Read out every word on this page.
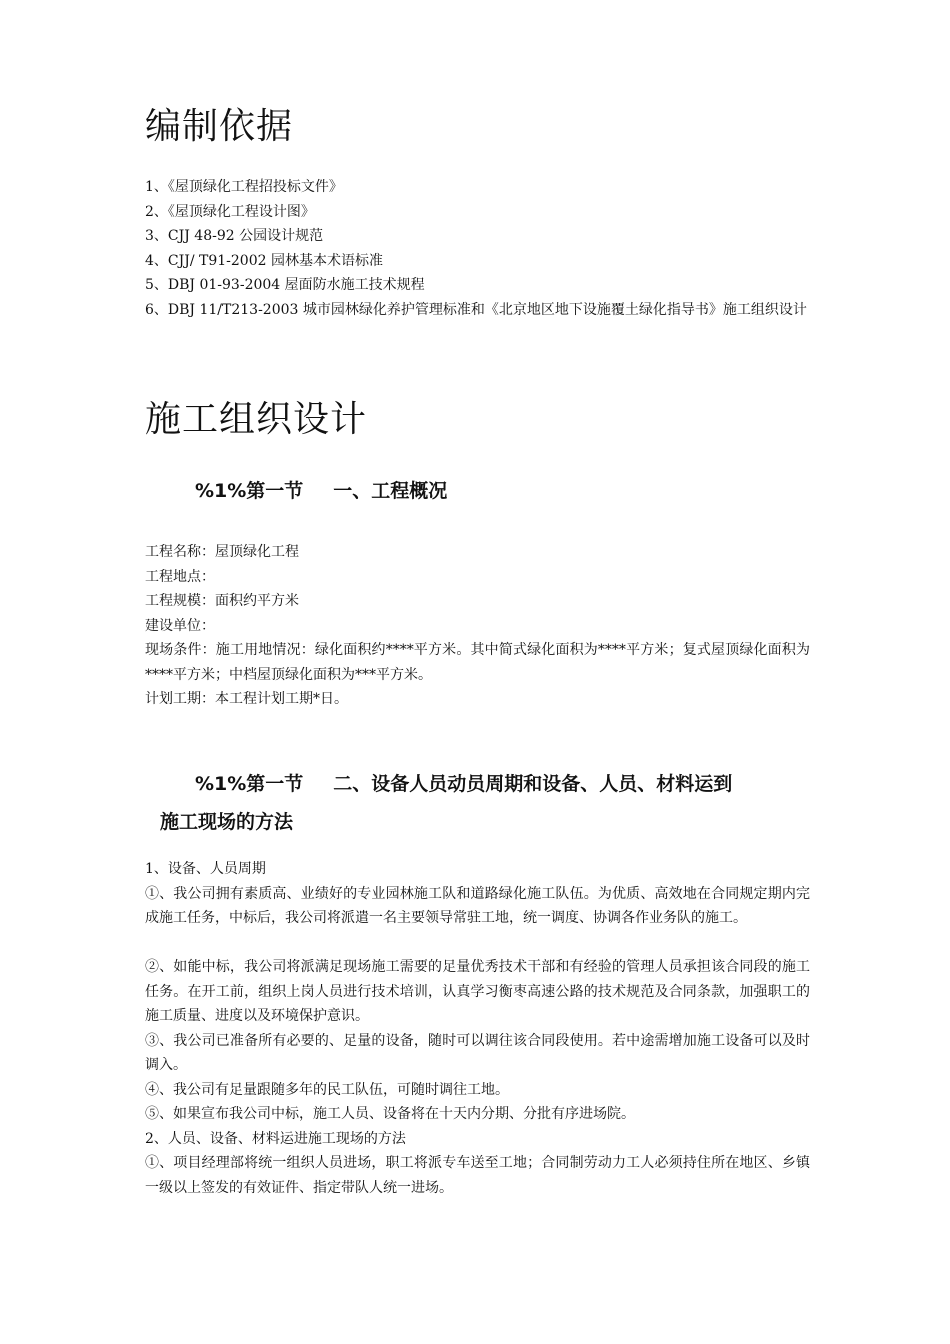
编制依据
1、《屋顶绿化工程招投标文件》
2、《屋顶绿化工程设计图》
3、CJJ 48-92 公园设计规范
4、CJJ/ T91-2002 园林基本术语标准
5、DBJ 01-93-2004 屋面防水施工技术规程
6、DBJ 11/T213-2003 城市园林绿化养护管理标准和《北京地区地下设施覆土绿化指导书》施工组织设计
施工组织设计
%1%第一节 一、工程概况
工程名称：屋顶绿化工程
工程地点：
工程规模：面积约平方米
建设单位：
现场条件：施工用地情况：绿化面积约****平方米。其中简式绿化面积为****平方米；复式屋顶绿化面积为****平方米；中档屋顶绿化面积为***平方米。
计划工期：本工程计划工期*日。
%1%第一节 二、设备人员动员周期和设备、人员、材料运到
施工现场的方法
1、设备、人员周期
①、我公司拥有素质高、业绩好的专业园林施工队和道路绿化施工队伍。为优质、高效地在合同规定期内完成施工任务，中标后，我公司将派遣一名主要领导常驻工地，统一调度、协调各作业务队的施工。
②、如能中标，我公司将派满足现场施工需要的足量优秀技术干部和有经验的管理人员承担该合同段的施工任务。在开工前，组织上岗人员进行技术培训，认真学习衡枣高速公路的技术规范及合同条款，加强职工的施工质量、进度以及环境保护意识。
③、我公司已准备所有必要的、足量的设备，随时可以调往该合同段使用。若中途需增加施工设备可以及时调入。
④、我公司有足量跟随多年的民工队伍，可随时调往工地。
⑤、如果宣布我公司中标，施工人员、设备将在十天内分期、分批有序进场院。
2、人员、设备、材料运进施工现场的方法
①、项目经理部将统一组织人员进场，职工将派专车送至工地；合同制劳动力工人必须持住所在地区、乡镇一级以上签发的有效证件、指定带队人统一进场。
